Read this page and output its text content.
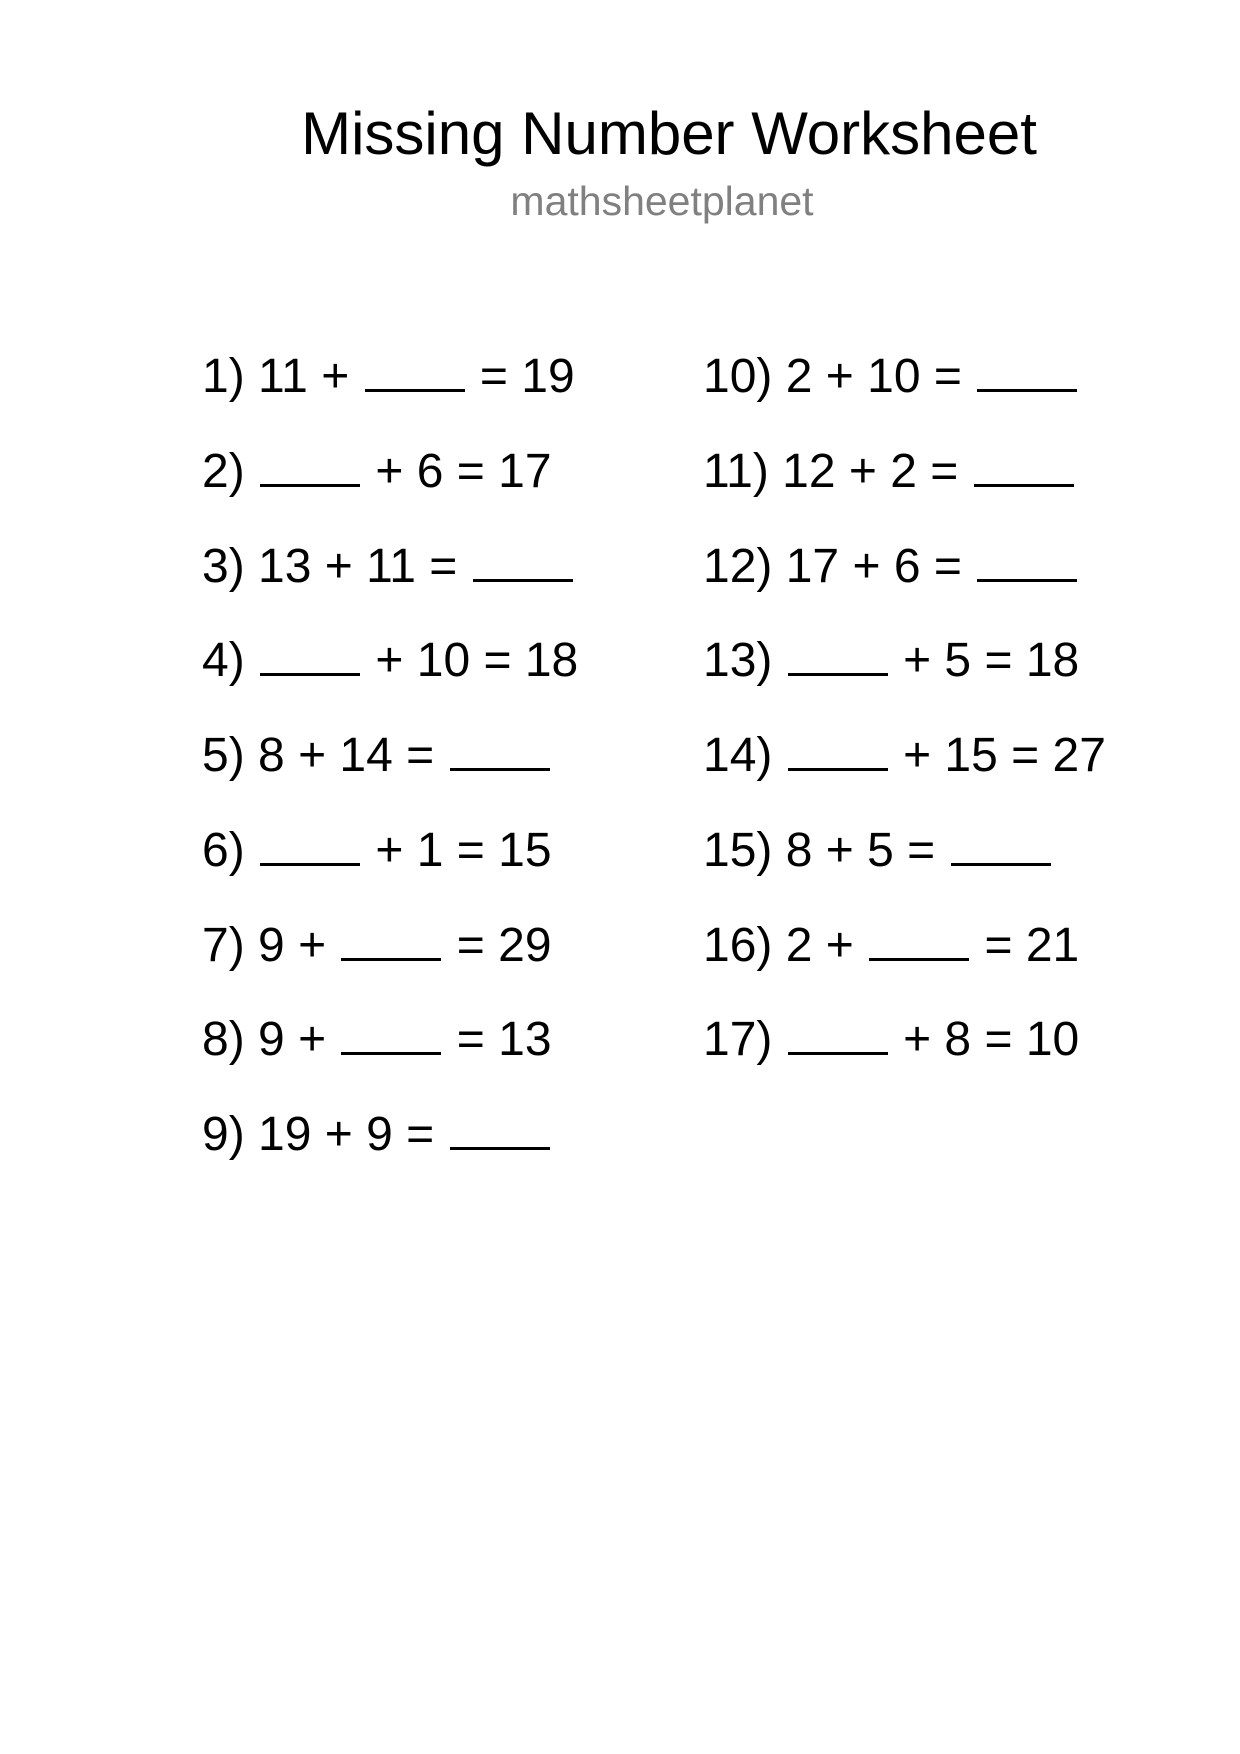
Missing Number Worksheet
mathsheetplanet
1) 11 +	= 19
2)	+ 6 = 17
3) 13 + 11 =
4)	+ 10 = 18
5) 8 + 14 =
6)	+ 1 = 15
7) 9 +	= 29
8) 9 +	= 13
9) 19 + 9 =
10) 2 + 10 =
11) 12 + 2 =
12) 17 + 6 =
13)	+ 5 = 18
14)	+ 15 = 27
15) 8 + 5 =
16) 2 +	= 21
17)	+ 8 = 10
